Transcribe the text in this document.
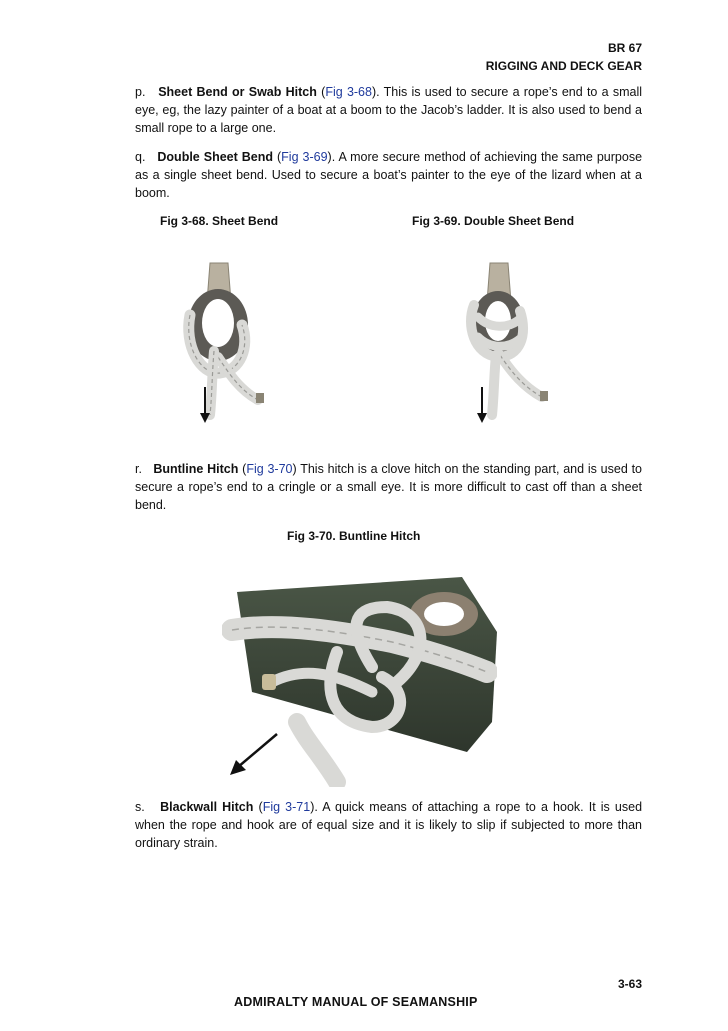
BR 67
RIGGING AND DECK GEAR

p. Sheet Bend or Swab Hitch (Fig 3-68). This is used to secure a rope’s end to a small eye, eg, the lazy painter of a boat at a boom to the Jacob’s ladder. It is also used to bend a small rope to a large one.

q. Double Sheet Bend (Fig 3-69). A more secure method of achieving the same purpose as a single sheet bend. Used to secure a boat’s painter to the eye of the lizard when at a boom.

Fig 3-68. Sheet Bend	Fig 3-69. Double Sheet Bend

r. Buntline Hitch (Fig 3-70) This hitch is a clove hitch on the standing part, and is used to secure a rope’s end to a cringle or a small eye. It is more difficult to cast off than a sheet bend.

Fig 3-70. Buntline Hitch

s. Blackwall Hitch (Fig 3-71). A quick means of attaching a rope to a hook. It is used when the rope and hook are of equal size and it is likely to slip if subjected to more than ordinary strain.

3-63
ADMIRALTY MANUAL OF SEAMANSHIP
